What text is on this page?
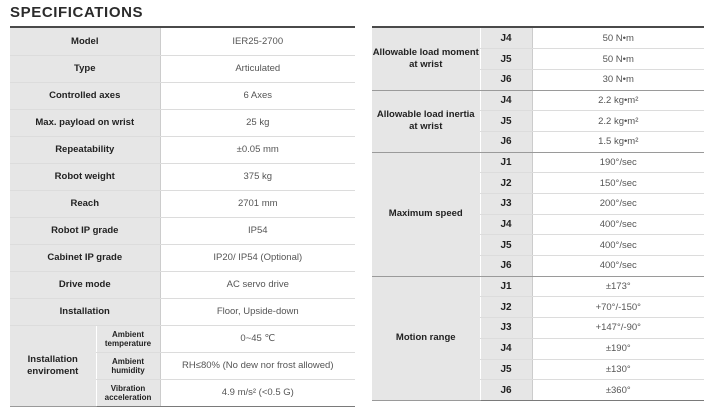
SPECIFICATIONS
Model		IER25-2700
Type		Articulated
Controlled axes		6 Axes
Max. payload on wrist		25 kg
Repeatability		±0.05 mm
Robot weight		375 kg
Reach		2701 mm
Robot IP grade		IP54
Cabinet IP grade		IP20/ IP54 (Optional)
Drive mode		AC servo drive
Installation		Floor, Upside-down
Installation enviroment	Ambient temperature	0~45 ℃
	Ambient humidity	RH≤80% (No dew nor frost allowed)
	Vibration acceleration	4.9 m/s² (<0.5 G)
Allowable load moment at wrist	J4	50 N•m
	J5	50 N•m
	J6	30 N•m
Allowable load inertia at wrist	J4	2.2 kg•m²
	J5	2.2 kg•m²
	J6	1.5 kg•m²
Maximum speed	J1	190°/sec
	J2	150°/sec
	J3	200°/sec
	J4	400°/sec
	J5	400°/sec
	J6	400°/sec
Motion range	J1	±173°
	J2	+70°/-150°
	J3	+147°/-90°
	J4	±190°
	J5	±130°
	J6	±360°
